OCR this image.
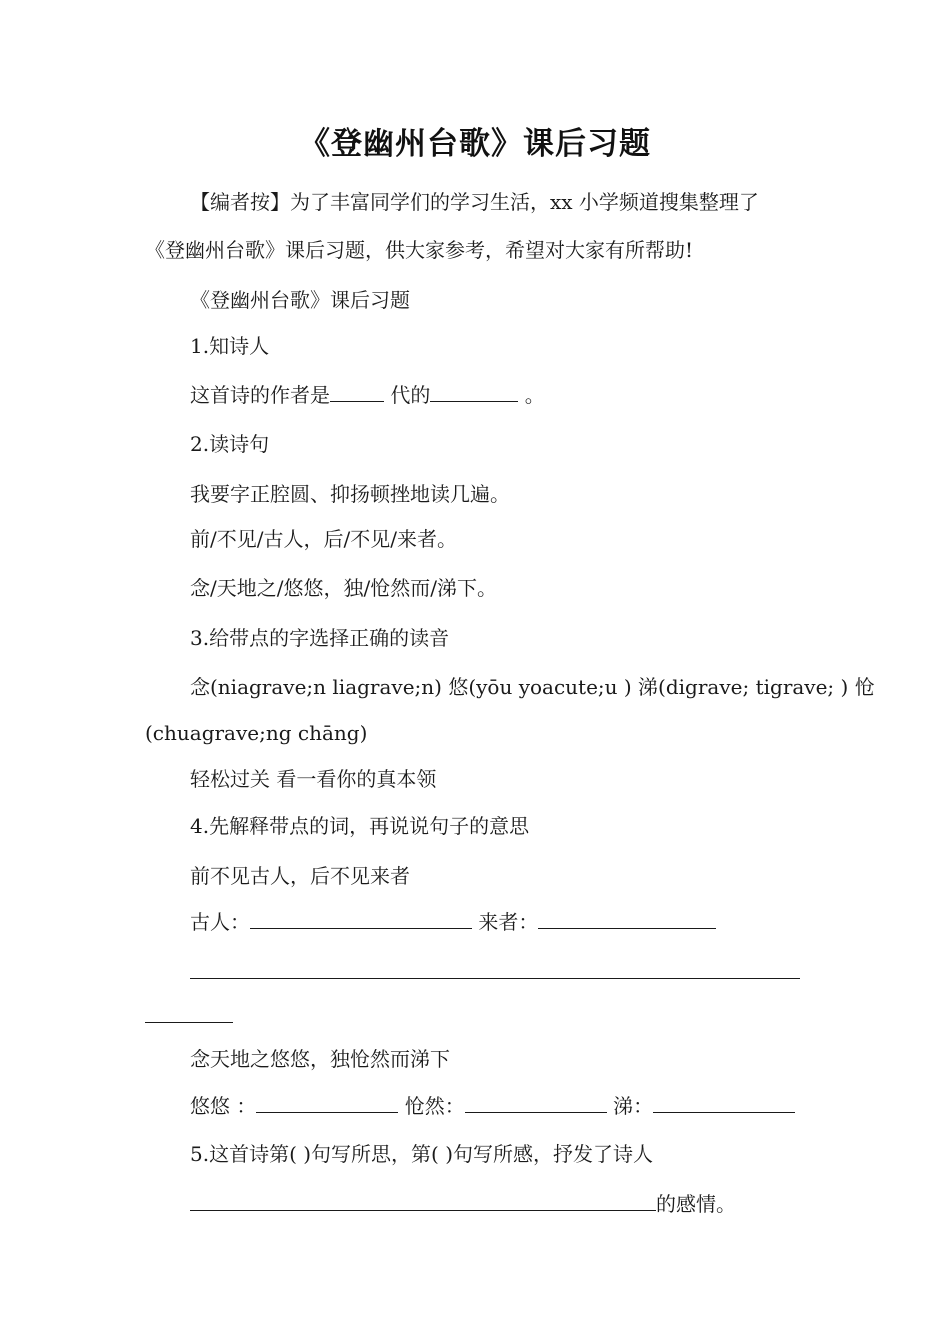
《登幽州台歌》课后习题
【编者按】为了丰富同学们的学习生活，xx 小学频道搜集整理了
《登幽州台歌》课后习题，供大家参考，希望对大家有所帮助!
《登幽州台歌》课后习题
1.知诗人
这首诗的作者是	代的	。
2.读诗句
我要字正腔圆、抑扬顿挫地读几遍。
前/不见/古人，后/不见/来者。
念/天地之/悠悠，独/怆然而/涕下。
3.给带点的字选择正确的读音
念(niagrave;n liagrave;n) 悠(yōu yoacute;u ) 涕(digrave; tigrave; ) 怆
(chuagrave;ng chāng)
轻松过关 看一看你的真本领
4.先解释带点的词，再说说句子的意思
前不见古人，后不见来者
古人：	来者：
念天地之悠悠，独怆然而涕下
悠悠 ：	怆然：	涕：
5.这首诗第( )句写所思，第( )句写所感，抒发了诗人
的感情。
